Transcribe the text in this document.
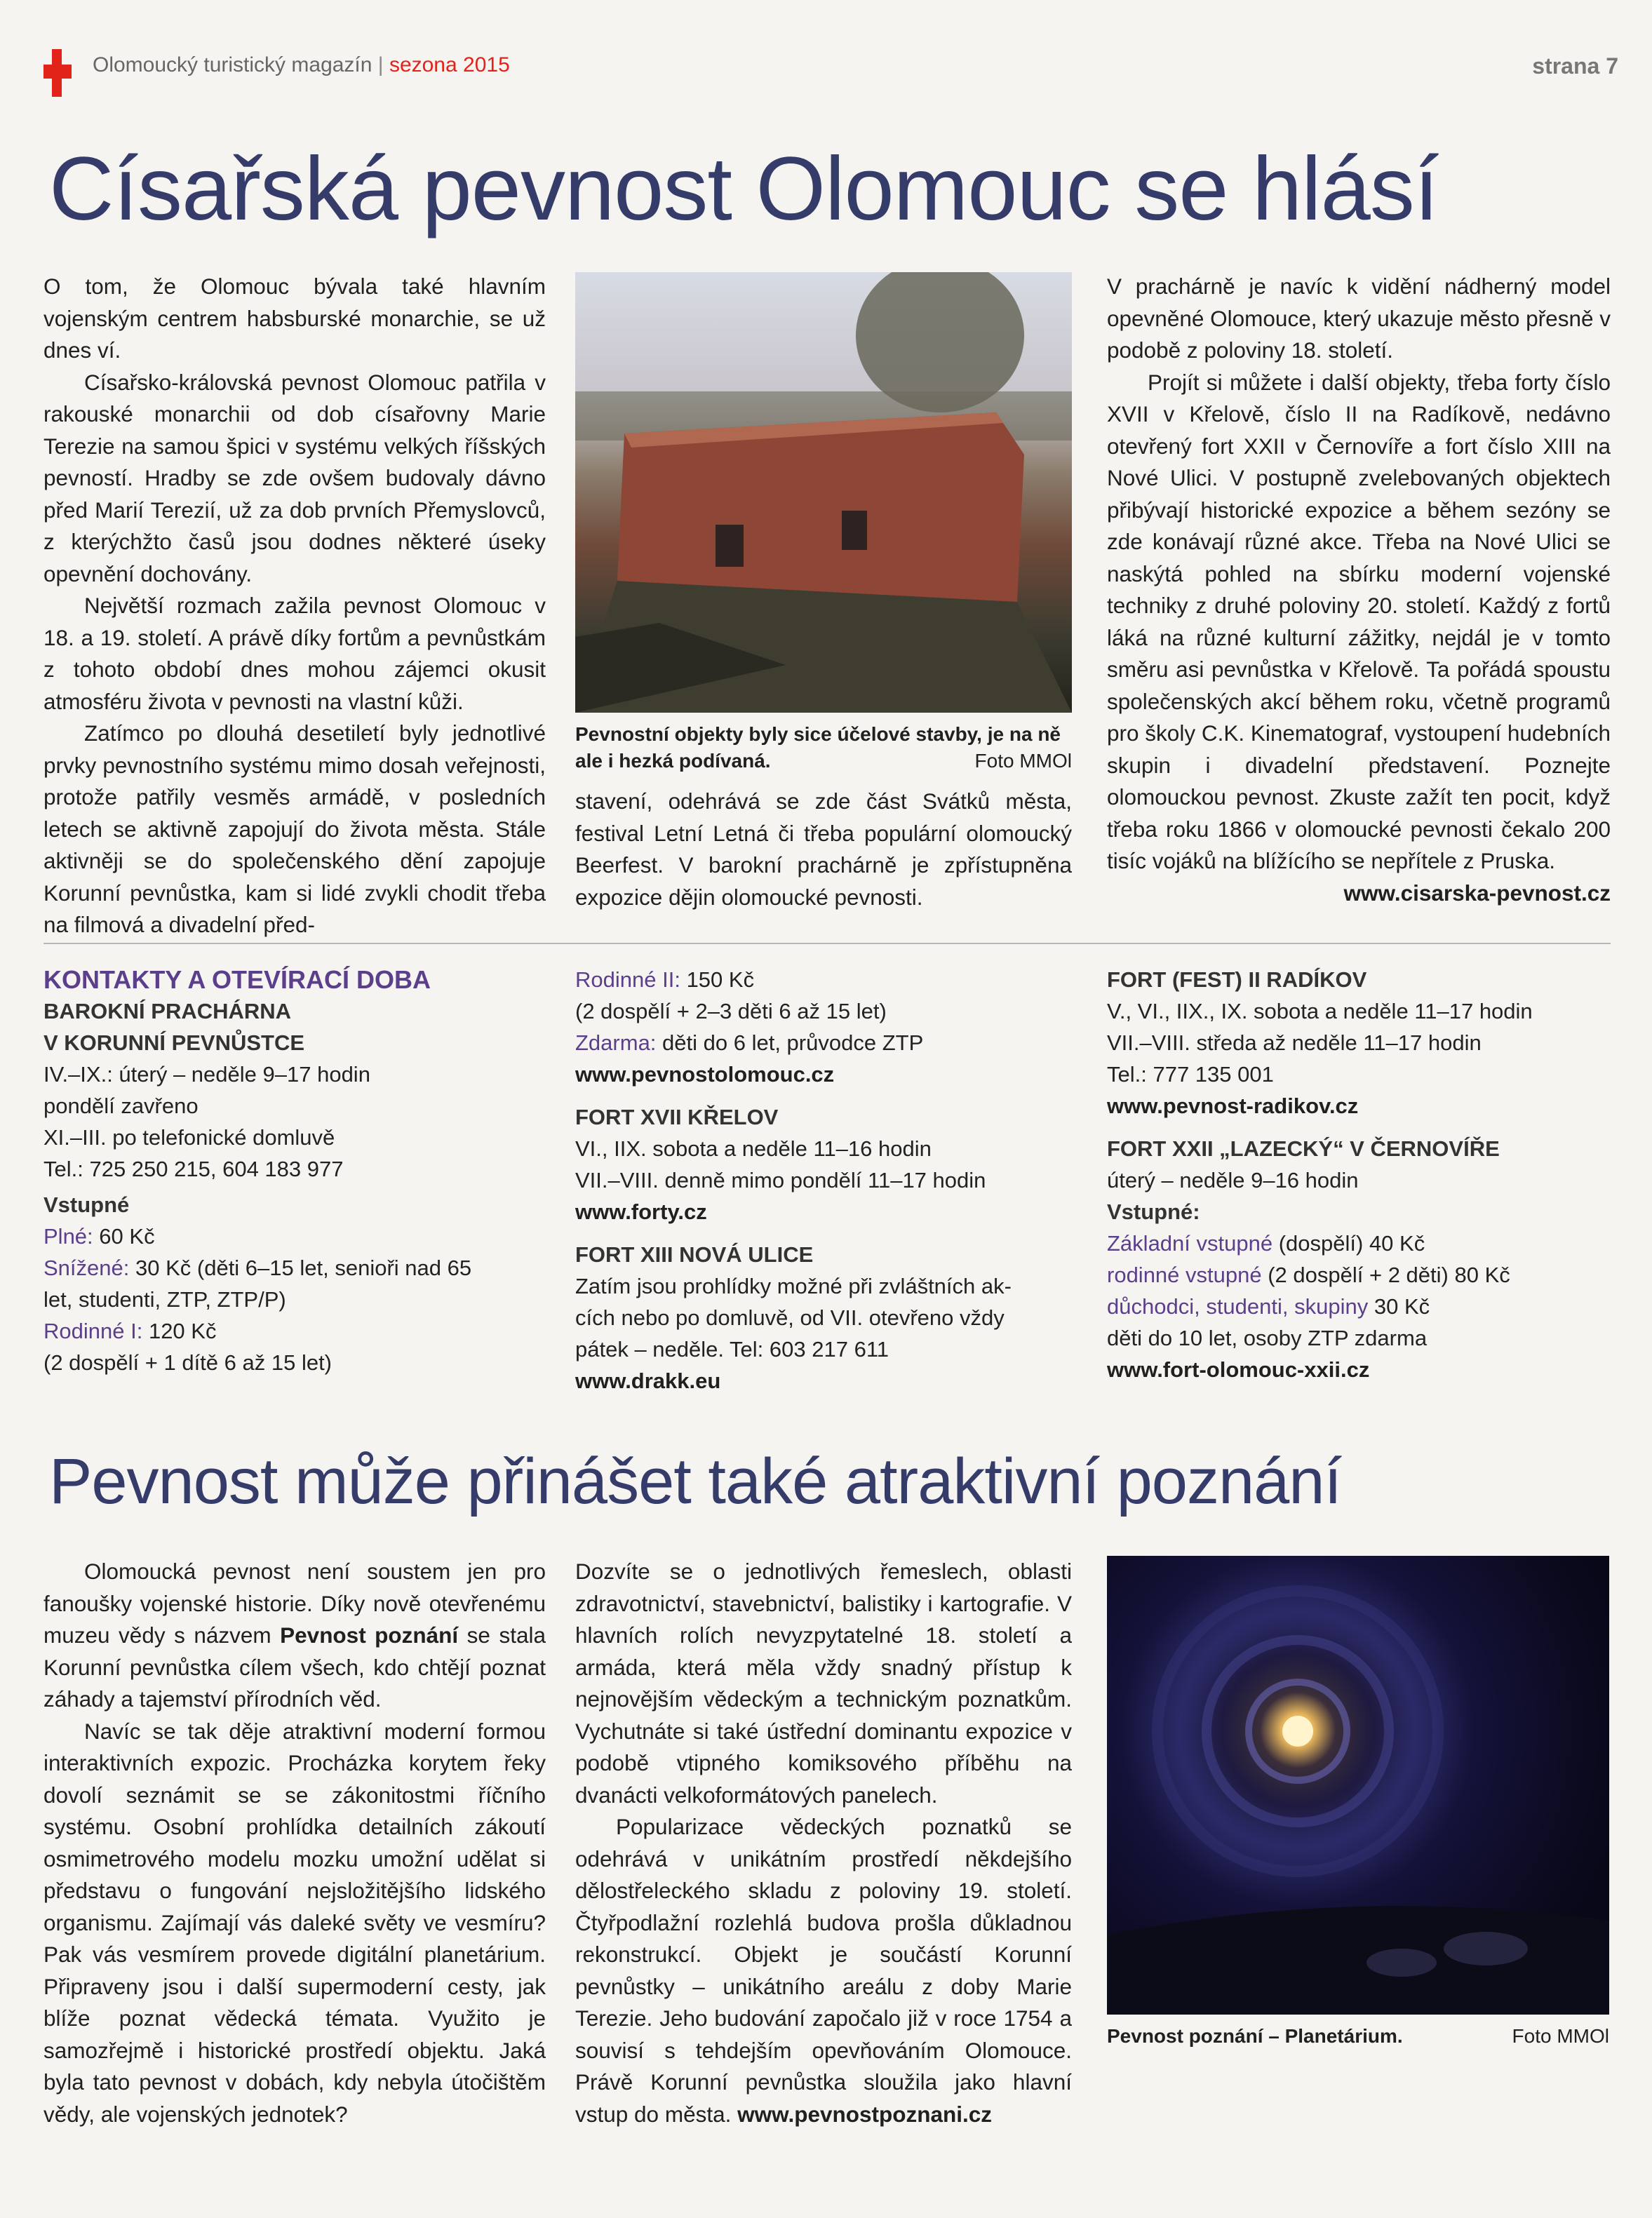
Olomoucký turistický magazín | sezona 2015	strana 7
Císařská pevnost Olomouc se hlásí

O tom, že Olomouc bývala také hlavním vojenským centrem habsburské monarchie, se už dnes ví.

Císařsko-královská pevnost Olomouc patřila v rakouské monarchii od dob císařovny Marie Terezie na samou špici v systému velkých říšských pevností. Hradby se zde ovšem budovaly dávno před Marií Terezií, už za dob prvních Přemyslovců, z kterýchžto časů jsou dodnes některé úseky opevnění dochovány.

Největší rozmach zažila pevnost Olomouc v 18. a 19. století. A právě díky fortům a pevnůstkám z tohoto období dnes mohou zájemci okusit atmosféru života v pevnosti na vlastní kůži.

Zatímco po dlouhá desetiletí byly jednotlivé prvky pevnostního systému mimo dosah veřejnosti, protože patřily vesměs armádě, v posledních letech se aktivně zapojují do života města. Stále aktivněji se do společenského dění zapojuje Korunní pevnůstka, kam si lidé zvykli chodit třeba na filmová a divadelní před-

Pevnostní objekty byly sice účelové stavby, je na ně ale i hezká podívaná.	Foto MMOl

stavení, odehrává se zde část Svátků města, festival Letní Letná či třeba populární olomoucký Beerfest. V barokní prachárně je zpřístupněna expozice dějin olomoucké pevnosti.

V prachárně je navíc k vidění nádherný model opevněné Olomouce, který ukazuje město přesně v podobě z poloviny 18. století.

Projít si můžete i další objekty, třeba forty číslo XVII v Křelově, číslo II na Radíkově, nedávno otevřený fort XXII v Černovíře a fort číslo XIII na Nové Ulici. V postupně zvelebovaných objektech přibývají historické expozice a během sezóny se zde konávají různé akce. Třeba na Nové Ulici se naskýtá pohled na sbírku moderní vojenské techniky z druhé poloviny 20. století. Každý z fortů láká na různé kulturní zážitky, nejdál je v tomto směru asi pevnůstka v Křelově. Ta pořádá spoustu společenských akcí během roku, včetně programů pro školy C.K. Kinematograf, vystoupení hudebních skupin i divadelní představení. Poznejte olomouckou pevnost. Zkuste zažít ten pocit, když třeba roku 1866 v olomoucké pevnosti čekalo 200 tisíc vojáků na blížícího se nepřítele z Pruska.

www.cisarska-pevnost.cz

KONTAKTY A OTEVÍRACÍ DOBA
BAROKNÍ PRACHÁRNA
V KORUNNÍ PEVNŮSTCE
IV.–IX.: úterý – neděle 9–17 hodin
pondělí zavřeno
XI.–III. po telefonické domluvě
Tel.: 725 250 215, 604 183 977
Vstupné
Plné: 60 Kč
Snížené: 30 Kč (děti 6–15 let, senioři nad 65
let, studenti, ZTP, ZTP/P)
Rodinné I: 120 Kč
(2 dospělí + 1 dítě 6 až 15 let)
Rodinné II: 150 Kč
(2 dospělí + 2–3 děti 6 až 15 let)
Zdarma: děti do 6 let, průvodce ZTP
www.pevnostolomouc.cz
FORT XVII KŘELOV
VI., IIX. sobota a neděle 11–16 hodin
VII.–VIII. denně mimo pondělí 11–17 hodin
www.forty.cz
FORT XIII NOVÁ ULICE
Zatím jsou prohlídky možné při zvláštních ak-
cích nebo po domluvě, od VII. otevřeno vždy
pátek – neděle. Tel: 603 217 611
www.drakk.eu
FORT (FEST) II RADÍKOV
V., VI., IIX., IX. sobota a neděle 11–17 hodin
VII.–VIII. středa až neděle 11–17 hodin
Tel.: 777 135 001
www.pevnost-radikov.cz
FORT XXII „LAZECKÝ“ V ČERNOVÍŘE
úterý – neděle 9–16 hodin
Vstupné:
Základní vstupné (dospělí) 40 Kč
rodinné vstupné (2 dospělí + 2 děti) 80 Kč
důchodci, studenti, skupiny 30 Kč
děti do 10 let, osoby ZTP zdarma
www.fort-olomouc-xxii.cz
Pevnost může přinášet také atraktivní poznání

Olomoucká pevnost není soustem jen pro fanoušky vojenské historie. Díky nově otevřenému muzeu vědy s názvem Pevnost poznání se stala Korunní pevnůstka cílem všech, kdo chtějí poznat záhady a tajemství přírodních věd.

Navíc se tak děje atraktivní moderní formou interaktivních expozic. Procházka korytem řeky dovolí seznámit se se zákonitostmi říčního systému. Osobní prohlídka detailních zákoutí osmimetrového modelu mozku umožní udělat si představu o fungování nejsložitějšího lidského organismu. Zajímají vás daleké světy ve vesmíru? Pak vás vesmírem provede digitální planetárium. Připraveny jsou i další supermoderní cesty, jak blíže poznat vědecká témata. Využito je samozřejmě i historické prostředí objektu. Jaká byla tato pevnost v dobách, kdy nebyla útočištěm vědy, ale vojenských jednotek?

Dozvíte se o jednotlivých řemeslech, oblasti zdravotnictví, stavebnictví, balistiky i kartografie. V hlavních rolích nevyzpytatelné 18. století a armáda, která měla vždy snadný přístup k nejnovějším vědeckým a technickým poznatkům. Vychutnáte si také ústřední dominantu expozice v podobě vtipného komiksového příběhu na dvanácti velkoformátových panelech.

Popularizace vědeckých poznatků se odehrává v unikátním prostředí někdejšího dělostřeleckého skladu z poloviny 19. století. Čtyřpodlažní rozlehlá budova prošla důkladnou rekonstrukcí. Objekt je součástí Korunní pevnůstky – unikátního areálu z doby Marie Terezie. Jeho budování započalo již v roce 1754 a souvisí s tehdejším opevňováním Olomouce. Právě Korunní pevnůstka sloužila jako hlavní vstup do města. www.pevnostpoznani.cz

Pevnost poznání – Planetárium.	Foto MMOl
